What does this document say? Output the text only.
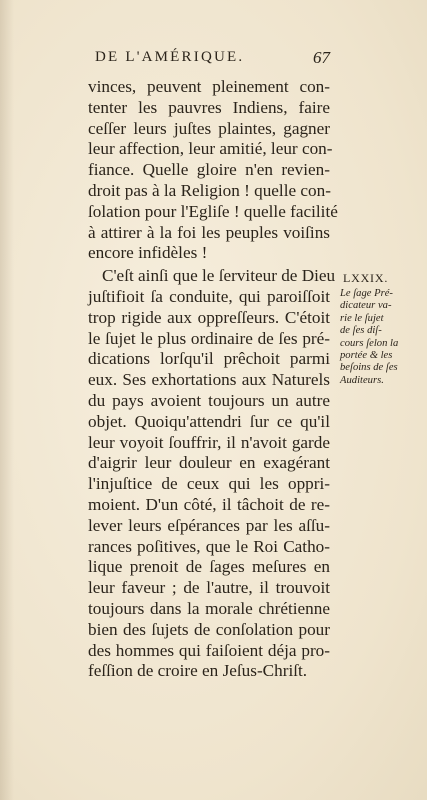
DE L'AMÉRIQUE.	67
vinces, peuvent pleinement con-
tenter les pauvres Indiens, faire
ceſſer leurs juſtes plaintes, gagner
leur affection, leur amitié, leur con-
fiance. Quelle gloire n'en revien-
droit pas à la Religion ! quelle con-
ſolation pour l'Egliſe ! quelle facilité
à attirer à la foi les peuples voiſins
encore infidèles !
C'eſt ainſi que le ſerviteur de Dieu
juſtifioit ſa conduite, qui paroiſſoit
trop rigide aux oppreſſeurs. C'étoit
le ſujet le plus ordinaire de ſes pré-
dications lorſqu'il prêchoit parmi
eux. Ses exhortations aux Naturels
du pays avoient toujours un autre
objet. Quoiqu'attendri ſur ce qu'il
leur voyoit ſouffrir, il n'avoit garde
d'aigrir leur douleur en exagérant
l'injuſtice de ceux qui les oppri-
moient. D'un côté, il tâchoit de re-
lever leurs eſpérances par les aſſu-
rances poſitives, que le Roi Catho-
lique prenoit de ſages meſures en
leur faveur ; de l'autre, il trouvoit
toujours dans la morale chrétienne
bien des ſujets de conſolation pour
des hommes qui faiſoient déja pro-
feſſion de croire en Jeſus-Chriſt.
LXXIX.
Le ſage Pré-
dicateur va-
rie le ſujet
de ſes diſ-
cours ſelon la
portée & les
beſoins de ſes
Auditeurs.
